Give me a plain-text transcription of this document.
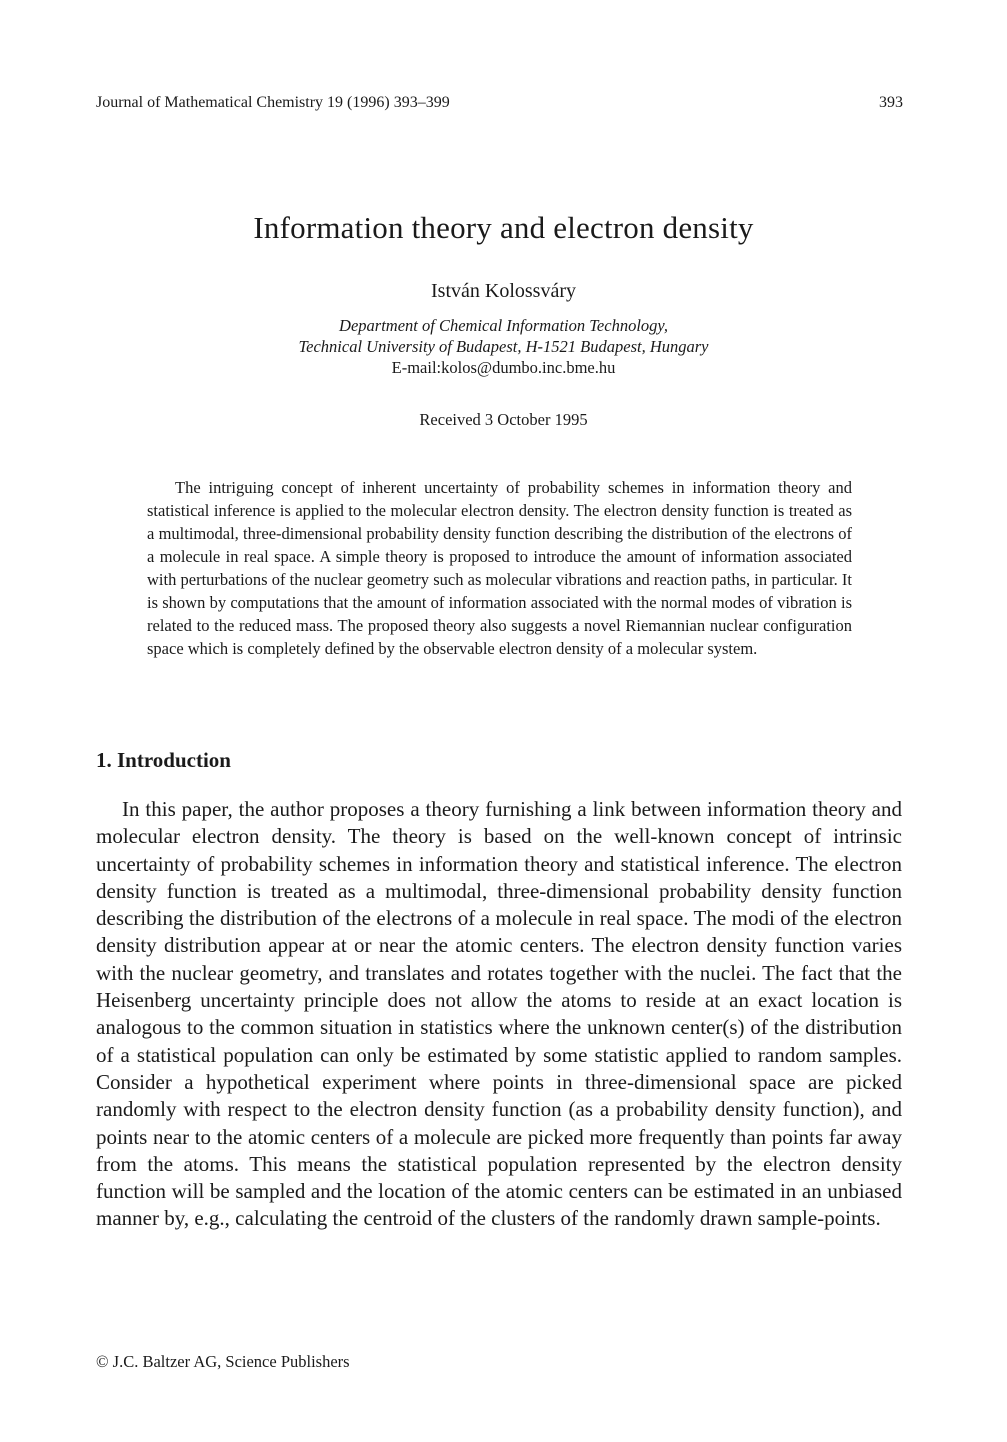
Journal of Mathematical Chemistry 19 (1996) 393–399	393
Information theory and electron density
István Kolossváry
Department of Chemical Information Technology,
Technical University of Budapest, H-1521 Budapest, Hungary
E-mail:kolos@dumbo.inc.bme.hu
Received 3 October 1995

The intriguing concept of inherent uncertainty of probability schemes in information theory and statistical inference is applied to the molecular electron density. The electron density function is treated as a multimodal, three-dimensional probability density function describing the distribution of the electrons of a molecule in real space. A simple theory is proposed to introduce the amount of information associated with perturbations of the nuclear geometry such as molecular vibrations and reaction paths, in particular. It is shown by computations that the amount of information associated with the normal modes of vibration is related to the reduced mass. The proposed theory also suggests a novel Riemannian nuclear configuration space which is completely defined by the observable electron density of a molecular system.

1. Introduction

In this paper, the author proposes a theory furnishing a link between information theory and molecular electron density. The theory is based on the well-known concept of intrinsic uncertainty of probability schemes in information theory and statistical inference. The electron density function is treated as a multimodal, three-dimensional probability density function describing the distribution of the electrons of a molecule in real space. The modi of the electron density distribution appear at or near the atomic centers. The electron density function varies with the nuclear geometry, and translates and rotates together with the nuclei. The fact that the Heisenberg uncertainty principle does not allow the atoms to reside at an exact location is analogous to the common situation in statistics where the unknown center(s) of the distribution of a statistical population can only be estimated by some statistic applied to random samples. Consider a hypothetical experiment where points in three-dimensional space are picked randomly with respect to the electron density function (as a probability density function), and points near to the atomic centers of a molecule are picked more frequently than points far away from the atoms. This means the statistical population represented by the electron density function will be sampled and the location of the atomic centers can be estimated in an unbiased manner by, e.g., calculating the centroid of the clusters of the randomly drawn sample-points.

© J.C. Baltzer AG, Science Publishers
